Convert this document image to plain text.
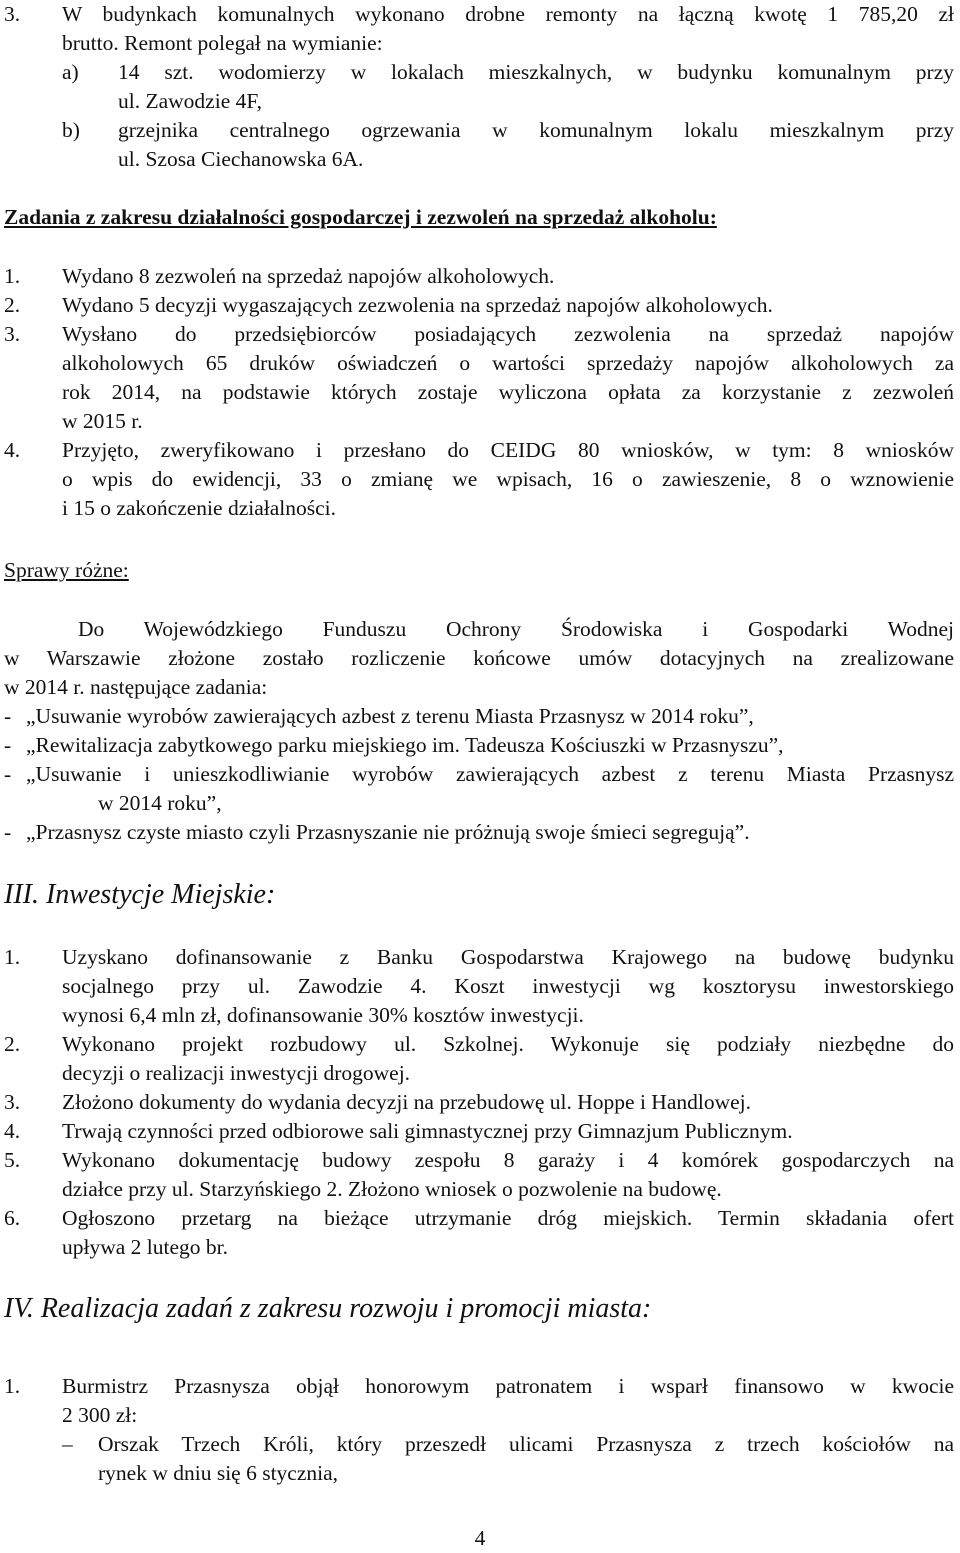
3. W budynkach komunalnych wykonano drobne remonty na łączną kwotę 1 785,20 zł
brutto. Remont polegał na wymianie:
a) 14 szt. wodomierzy w lokalach mieszkalnych, w budynku komunalnym przy
ul. Zawodzie 4F,
b) grzejnika centralnego ogrzewania w komunalnym lokalu mieszkalnym przy
ul. Szosa Ciechanowska 6A.
Zadania z zakresu działalności gospodarczej i zezwoleń na sprzedaż alkoholu:
1. Wydano 8 zezwoleń na sprzedaż napojów alkoholowych.
2. Wydano 5 decyzji wygaszających zezwolenia na sprzedaż napojów alkoholowych.
3. Wysłano do przedsiębiorców posiadających zezwolenia na sprzedaż napojów
alkoholowych 65 druków oświadczeń o wartości sprzedaży napojów alkoholowych za
rok 2014, na podstawie których zostaje wyliczona opłata za korzystanie z zezwoleń
w 2015 r.
4. Przyjęto, zweryfikowano i przesłano do CEIDG 80 wniosków, w tym: 8 wniosków
o wpis do ewidencji, 33 o zmianę we wpisach, 16 o zawieszenie, 8 o wznowienie
i 15 o zakończenie działalności.
Sprawy różne:
Do Wojewódzkiego Funduszu Ochrony Środowiska i Gospodarki Wodnej
w Warszawie złożone zostało rozliczenie końcowe umów dotacyjnych na zrealizowane
w 2014 r. następujące zadania:
- „Usuwanie wyrobów zawierających azbest z terenu Miasta Przasnysz w 2014 roku”,
- „Rewitalizacja zabytkowego parku miejskiego im. Tadeusza Kościuszki w Przasnyszu”,
- „Usuwanie i unieszkodliwianie wyrobów zawierających azbest z terenu Miasta Przasnysz
w 2014 roku”,
- „Przasnysz czyste miasto czyli Przasnyszanie nie próżnują swoje śmieci segregują”.
III. Inwestycje Miejskie:
1. Uzyskano dofinansowanie z Banku Gospodarstwa Krajowego na budowę budynku
socjalnego przy ul. Zawodzie 4. Koszt inwestycji wg kosztorysu inwestorskiego
wynosi 6,4 mln zł, dofinansowanie 30% kosztów inwestycji.
2. Wykonano projekt rozbudowy ul. Szkolnej. Wykonuje się podziały niezbędne do
decyzji o realizacji inwestycji drogowej.
3. Złożono dokumenty do wydania decyzji na przebudowę ul. Hoppe i Handlowej.
4. Trwają czynności przed odbiorowe sali gimnastycznej przy Gimnazjum Publicznym.
5. Wykonano dokumentację budowy zespołu 8 garaży i 4 komórek gospodarczych na
działce przy ul. Starzyńskiego 2. Złożono wniosek o pozwolenie na budowę.
6. Ogłoszono przetarg na bieżące utrzymanie dróg miejskich. Termin składania ofert
upływa 2 lutego br.
IV. Realizacja zadań z zakresu rozwoju i promocji miasta:
1. Burmistrz Przasnysza objął honorowym patronatem i wsparł finansowo w kwocie
2 300 zł:
– Orszak Trzech Króli, który przeszedł ulicami Przasnysza z trzech kościołów na
rynek w dniu się 6 stycznia,
4
